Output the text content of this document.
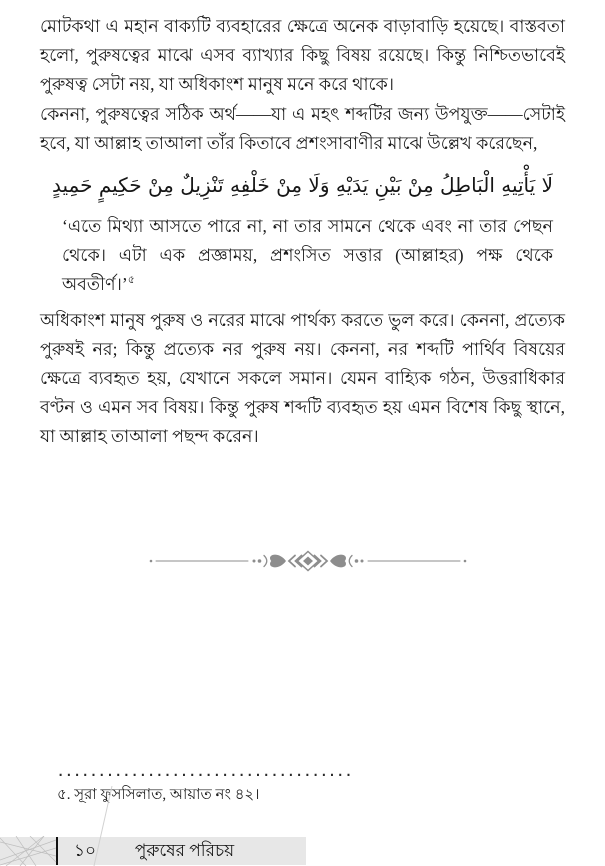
মোটকথা এ মহান বাক্যটি ব্যবহারের ক্ষেত্রে অনেক বাড়াবাড়ি হয়েছে। বাস্তবতা হলো, পুরুষত্বের মাঝে এসব ব্যাখ্যার কিছু বিষয় রয়েছে। কিন্তু নিশ্চিতভাবেই পুরুষত্ব সেটা নয়, যা অধিকাংশ মানুষ মনে করে থাকে।

কেননা, পুরুষত্বের সঠিক অর্থ——যা এ মহৎ শব্দটির জন্য উপযুক্ত——সেটাই হবে, যা আল্লাহ তাআলা তাঁর কিতাবে প্রশংসাবাণীর মাঝে উল্লেখ করেছেন,

لَا يَأْتِيهِ الْبَاطِلُ مِنْ بَيْنِ يَدَيْهِ وَلَا مِنْ خَلْفِهِ تَنْزِيلٌ مِنْ حَكِيمٍ حَمِيدٍ
‘এতে মিথ্যা আসতে পারে না, না তার সামনে থেকে এবং না তার পেছন থেকে। এটা এক প্রজ্ঞাময়, প্রশংসিত সত্তার (আল্লাহর) পক্ষ থেকে অবতীর্ণ।’$^৫$

অধিকাংশ মানুষ পুরুষ ও নরের মাঝে পার্থক্য করতে ভুল করে। কেননা, প্রত্যেক পুরুষই নর; কিন্তু প্রত্যেক নর পুরুষ নয়। কেননা, নর শব্দটি পার্থিব বিষয়ের ক্ষেত্রে ব্যবহৃত হয়, যেখানে সকলে সমান। যেমন বাহ্যিক গঠন, উত্তরাধিকার বণ্টন ও এমন সব বিষয়। কিন্তু পুরুষ শব্দটি ব্যবহৃত হয় এমন বিশেষ কিছু স্থানে, যা আল্লাহ তাআলা পছন্দ করেন।

....................................
৫. সূরা ফুসসিলাত, আয়াত নং ৪২।
১০	পুরুষের পরিচয়
